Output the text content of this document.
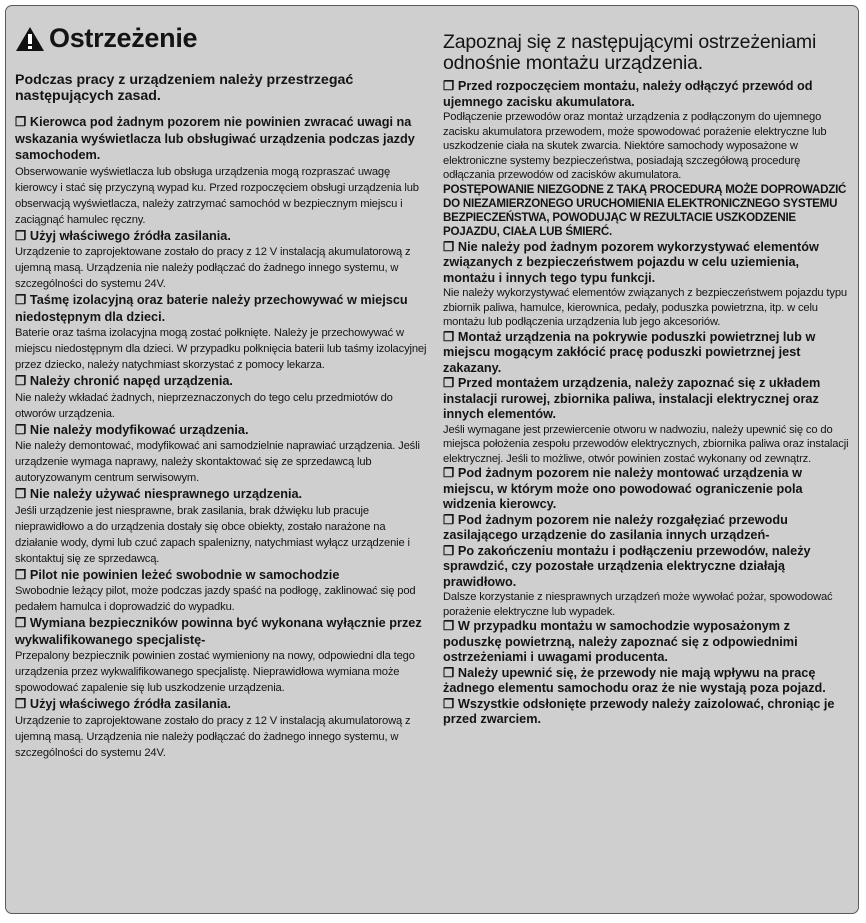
Ostrzeżenie
Podczas pracy z urządzeniem należy przestrzegać następujących zasad.
❒ Kierowca pod żadnym pozorem nie powinien zwracać uwagi na wskazania wyświetlacza lub obsługiwać urządzenia podczas jazdy samochodem.
Obserwowanie wyświetlacza lub obsługa urządzenia mogą rozpraszać uwagę kierowcy i stać się przyczyną wypad ku. Przed rozpoczęciem obsługi urządzenia lub obserwacją wyświetlacza, należy zatrzymać samochód w bezpiecznym miejscu i zaciągnąć hamulec ręczny.
❒ Użyj właściwego źródła zasilania.
Urządzenie to zaprojektowane zostało do pracy z 12 V instalacją akumulatorową z ujemną masą. Urządzenia nie należy podłączać do żadnego innego systemu, w szczególności do systemu 24V.
❒ Taśmę izolacyjną oraz baterie należy przechowywać w miejscu niedostępnym dla dzieci.
Baterie oraz taśma izolacyjna mogą zostać połknięte. Należy je przechowywać w miejscu niedostępnym dla dzieci. W przypadku połknięcia baterii lub taśmy izolacyjnej przez dziecko, należy natychmiast skorzystać z pomocy lekarza.
❒ Należy chronić napęd urządzenia.
Nie należy wkładać żadnych, nieprzeznaczonych do tego celu przedmiotów do otworów urządzenia.
❒ Nie należy modyfikować urządzenia.
Nie należy demontować, modyfikować ani samodzielnie naprawiać urządzenia. Jeśli urządzenie wymaga naprawy, należy skontaktować się ze sprzedawcą lub autoryzowanym centrum serwisowym.
❒ Nie należy używać niesprawnego urządzenia.
Jeśli urządzenie jest niesprawne, brak zasilania, brak dźwięku lub pracuje nieprawidłowo a do urządzenia dostały się obce obiekty, zostało narażone na działanie wody, dymi lub czuć zapach spalenizny, natychmiast wyłącz urządzenie i skontaktuj się ze sprzedawcą.
❒ Pilot nie powinien leżeć swobodnie w samochodzie
Swobodnie leżący pilot, może podczas jazdy spaść na podłogę, zaklinować się pod pedałem hamulca i doprowadzić do wypadku.
❒ Wymiana bezpieczników powinna być wykonana wyłącznie przez wykwalifikowanego specjalistę-
Przepalony bezpiecznik powinien zostać wymieniony na nowy, odpowiedni dla tego urządzenia przez wykwalifikowanego specjalistę. Nieprawidłowa wymiana może spowodować zapalenie się lub uszkodzenie urządzenia.
❒ Użyj właściwego źródła zasilania.
Urządzenie to zaprojektowane zostało do pracy z 12 V instalacją akumulatorową z ujemną masą. Urządzenia nie należy podłączać do żadnego innego systemu, w szczególności do systemu 24V.
Zapoznaj się z następującymi ostrzeżeniami odnośnie montażu urządzenia.
❒ Przed rozpoczęciem montażu, należy odłączyć przewód od ujemnego zacisku akumulatora.
Podłączenie przewodów oraz montaż urządzenia z podłączonym do ujemnego zacisku akumulatora przewodem, może spowodować porażenie elektryczne lub uszkodzenie ciała na skutek zwarcia. Niektóre samochody wyposażone w elektroniczne systemy bezpieczeństwa, posiadają szczegółową procedurę odłączania przewodów od zacisków akumulatora.
POSTĘPOWANIE NIEZGODNE Z TAKĄ PROCEDURĄ MOŻE DOPROWADZIĆ DO NIEZAMIERZONEGO URUCHOMIENIA ELEKTRONICZNEGO SYSTEMU BEZPIECZEŃSTWA, POWODUJĄC W REZULTACIE USZKODZENIE POJAZDU, CIAŁA LUB ŚMIERĆ.
❒ Nie należy pod żadnym pozorem wykorzystywać elementów związanych z bezpieczeństwem pojazdu w celu uziemienia, montażu i innych tego typu funkcji.
Nie należy wykorzystywać elementów związanych z bezpieczeństwem pojazdu typu zbiornik paliwa, hamulce, kierownica, pedały, poduszka powietrzna, itp. w celu montażu lub podłączenia urządzenia lub jego akcesoriów.
❒ Montaż urządzenia na pokrywie poduszki powietrznej lub w miejscu mogącym zakłócić pracę poduszki powietrznej jest zakazany.
❒ Przed montażem urządzenia, należy zapoznać się z układem instalacji rurowej, zbiornika paliwa, instalacji elektrycznej oraz innych elementów.
Jeśli wymagane jest przewiercenie otworu w nadwoziu, należy upewnić się co do miejsca położenia zespołu przewodów elektrycznych, zbiornika paliwa oraz instalacji elektrycznej. Jeśli to możliwe, otwór powinien zostać wykonany od zewnątrz.
❒ Pod żadnym pozorem nie należy montować urządzenia w miejscu, w którym może ono powodować ograniczenie pola widzenia kierowcy.
❒ Pod żadnym pozorem nie należy rozgałęziać przewodu zasilającego urządzenie do zasilania innych urządzeń-
❒ Po zakończeniu montażu i podłączeniu przewodów, należy sprawdzić, czy pozostałe urządzenia elektryczne działają prawidłowo.
Dalsze korzystanie z niesprawnych urządzeń może wywołać pożar, spowodować porażenie elektryczne lub wypadek.
❒ W przypadku montażu w samochodzie wyposażonym z poduszkę powietrzną, należy zapoznać się z odpowiednimi ostrzeżeniami i uwagami producenta.
❒ Należy upewnić się, że przewody nie mają wpływu na pracę żadnego elementu samochodu oraz że nie wystają poza pojazd.
❒ Wszystkie odsłonięte przewody należy zaizolować, chroniąc je przed zwarciem.
